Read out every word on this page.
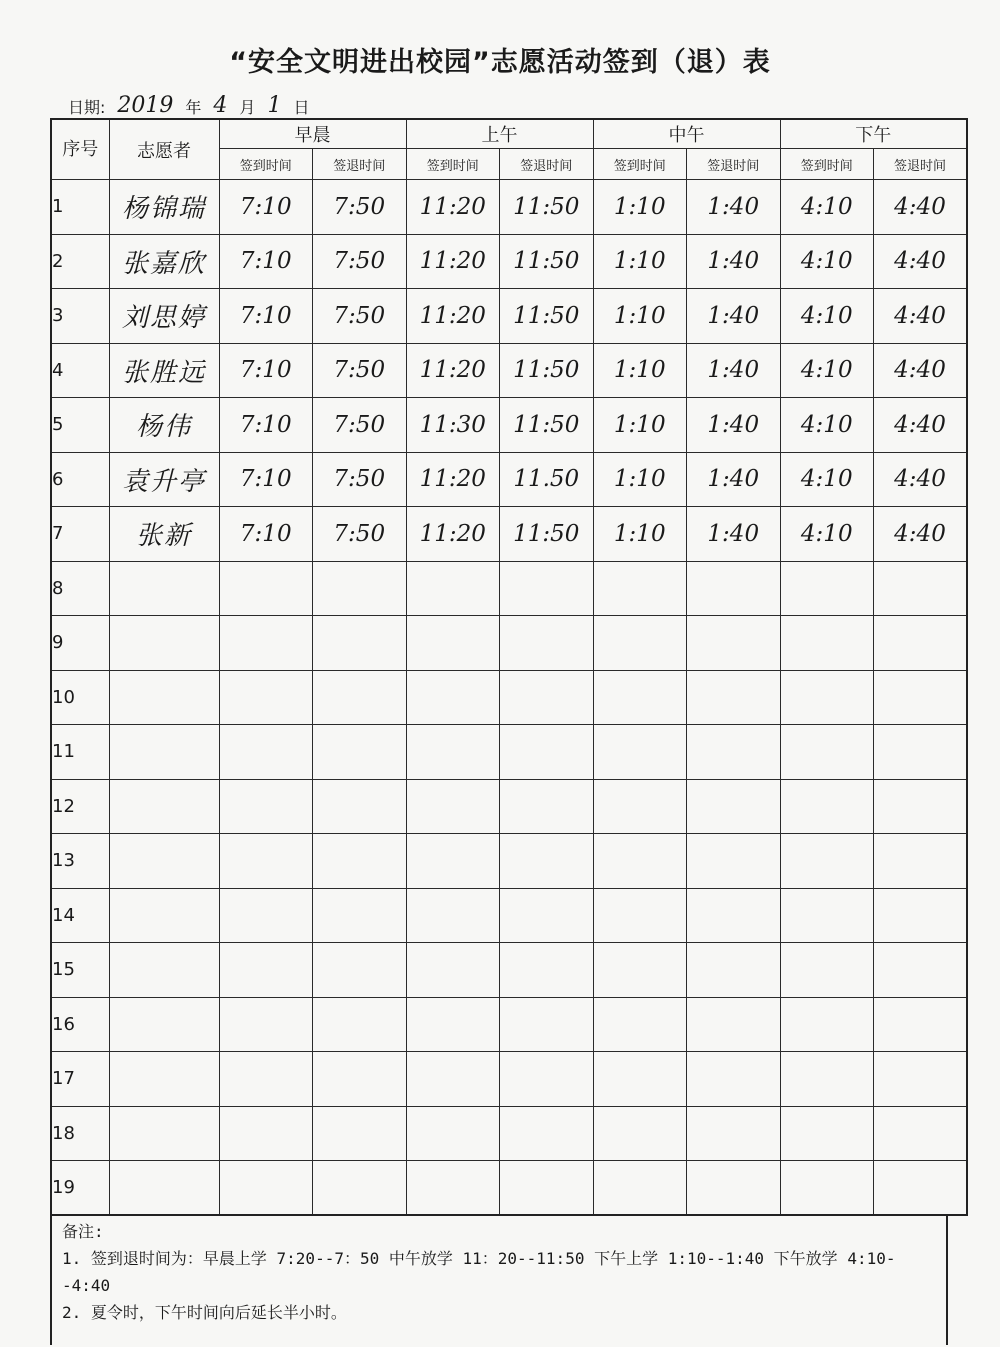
“安全文明进出校园”志愿活动签到（退）表
日期: 2019 年 4 月 1 日
序号	志愿者	早晨		上午		中午		下午	
		签到时间	签退时间	签到时间	签退时间	签到时间	签退时间	签到时间	签退时间
1	杨锦瑞	7:10	7:50	11:20	11:50	1:10	1:40	4:10	4:40
2	张嘉欣	7:10	7:50	11:20	11:50	1:10	1:40	4:10	4:40
3	刘思婷	7:10	7:50	11:20	11:50	1:10	1:40	4:10	4:40
4	张胜远	7:10	7:50	11:20	11:50	1:10	1:40	4:10	4:40
5	杨伟	7:10	7:50	11:30	11:50	1:10	1:40	4:10	4:40
6	袁升亭	7:10	7:50	11:20	11.50	1:10	1:40	4:10	4:40
7	张新	7:10	7:50	11:20	11:50	1:10	1:40	4:10	4:40
8									
9									
10									
11									
12									
13									
14									
15									
16									
17									
18									
19									

备注:

1. 签到退时间为：早晨上学 7:20--7：50 中午放学 11：20--11:50 下午上学 1:10--1:40 下午放学 4:10--4:40

2. 夏令时，下午时间向后延长半小时。
